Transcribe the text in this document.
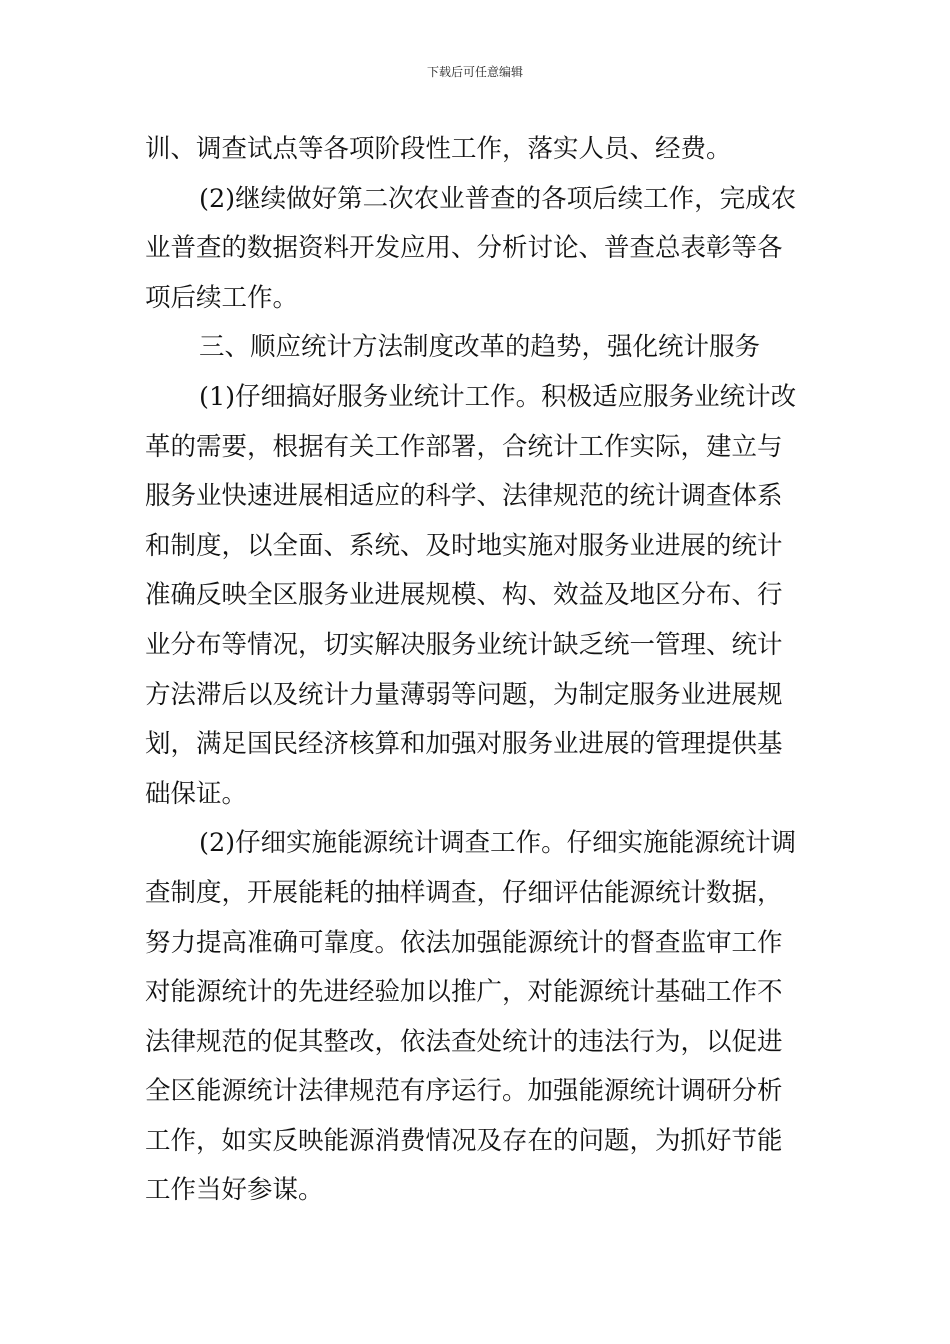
下载后可任意编辑
训、调查试点等各项阶段性工作，落实人员、经费。
(2)继续做好第二次农业普查的各项后续工作，完成农
业普查的数据资料开发应用、分析讨论、普查总表彰等各
项后续工作。
三、顺应统计方法制度改革的趋势，强化统计服务
(1)仔细搞好服务业统计工作。积极适应服务业统计改
革的需要，根据有关工作部署，合统计工作实际，建立与
服务业快速进展相适应的科学、法律规范的统计调查体系
和制度，以全面、系统、及时地实施对服务业进展的统计
准确反映全区服务业进展规模、构、效益及地区分布、行
业分布等情况，切实解决服务业统计缺乏统一管理、统计
方法滞后以及统计力量薄弱等问题，为制定服务业进展规
划，满足国民经济核算和加强对服务业进展的管理提供基
础保证。
(2)仔细实施能源统计调查工作。仔细实施能源统计调
查制度，开展能耗的抽样调查，仔细评估能源统计数据，
努力提高准确可靠度。依法加强能源统计的督查监审工作
对能源统计的先进经验加以推广，对能源统计基础工作不
法律规范的促其整改，依法查处统计的违法行为，以促进
全区能源统计法律规范有序运行。加强能源统计调研分析
工作，如实反映能源消费情况及存在的问题，为抓好节能
工作当好参谋。
